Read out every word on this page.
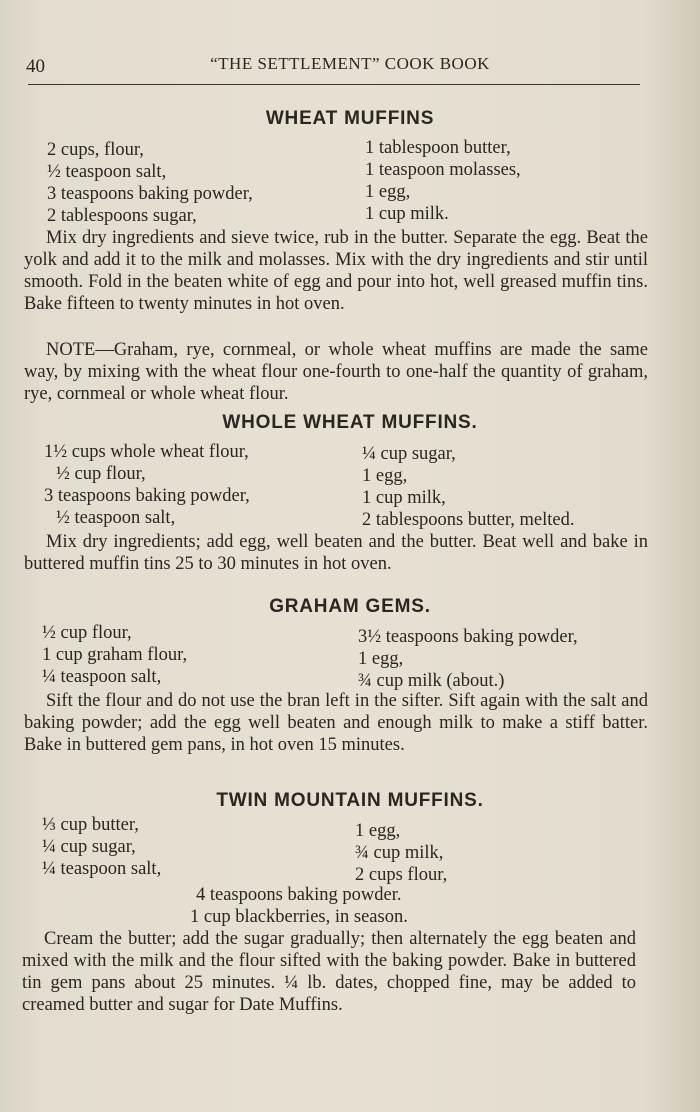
40	“THE SETTLEMENT” COOK BOOK
WHEAT MUFFINS
2 cups, flour,
½ teaspoon salt,
3 teaspoons baking powder,
2 tablespoons sugar,
1 tablespoon butter,
1 teaspoon molasses,
1 egg,
1 cup milk.
Mix dry ingredients and sieve twice, rub in the butter. Separate the egg. Beat the yolk and add it to the milk and molasses. Mix with the dry ingredients and stir until smooth. Fold in the beaten white of egg and pour into hot, well greased muffin tins. Bake fifteen to twenty minutes in hot oven.
NOTE—Graham, rye, cornmeal, or whole wheat muffins are made the same way, by mixing with the wheat flour one-fourth to one-half the quantity of graham, rye, cornmeal or whole wheat flour.
WHOLE WHEAT MUFFINS.
1½ cups whole wheat flour,
½ cup flour,
3 teaspoons baking powder,
½ teaspoon salt,
¼ cup sugar,
1 egg,
1 cup milk,
2 tablespoons butter, melted.
Mix dry ingredients; add egg, well beaten and the butter. Beat well and bake in buttered muffin tins 25 to 30 minutes in hot oven.
GRAHAM GEMS.
½ cup flour,
1 cup graham flour,
¼ teaspoon salt,
3½ teaspoons baking powder,
1 egg,
¾ cup milk (about.)
Sift the flour and do not use the bran left in the sifter. Sift again with the salt and baking powder; add the egg well beaten and enough milk to make a stiff batter. Bake in buttered gem pans, in hot oven 15 minutes.
TWIN MOUNTAIN MUFFINS.
⅓ cup butter,
¼ cup sugar,
¼ teaspoon salt,
1 egg,
¾ cup milk,
2 cups flour,
4 teaspoons baking powder.
1 cup blackberries, in season.
Cream the butter; add the sugar gradually; then alternately the egg beaten and mixed with the milk and the flour sifted with the baking powder. Bake in buttered tin gem pans about 25 minutes. ¼ lb. dates, chopped fine, may be added to creamed butter and sugar for Date Muffins.
